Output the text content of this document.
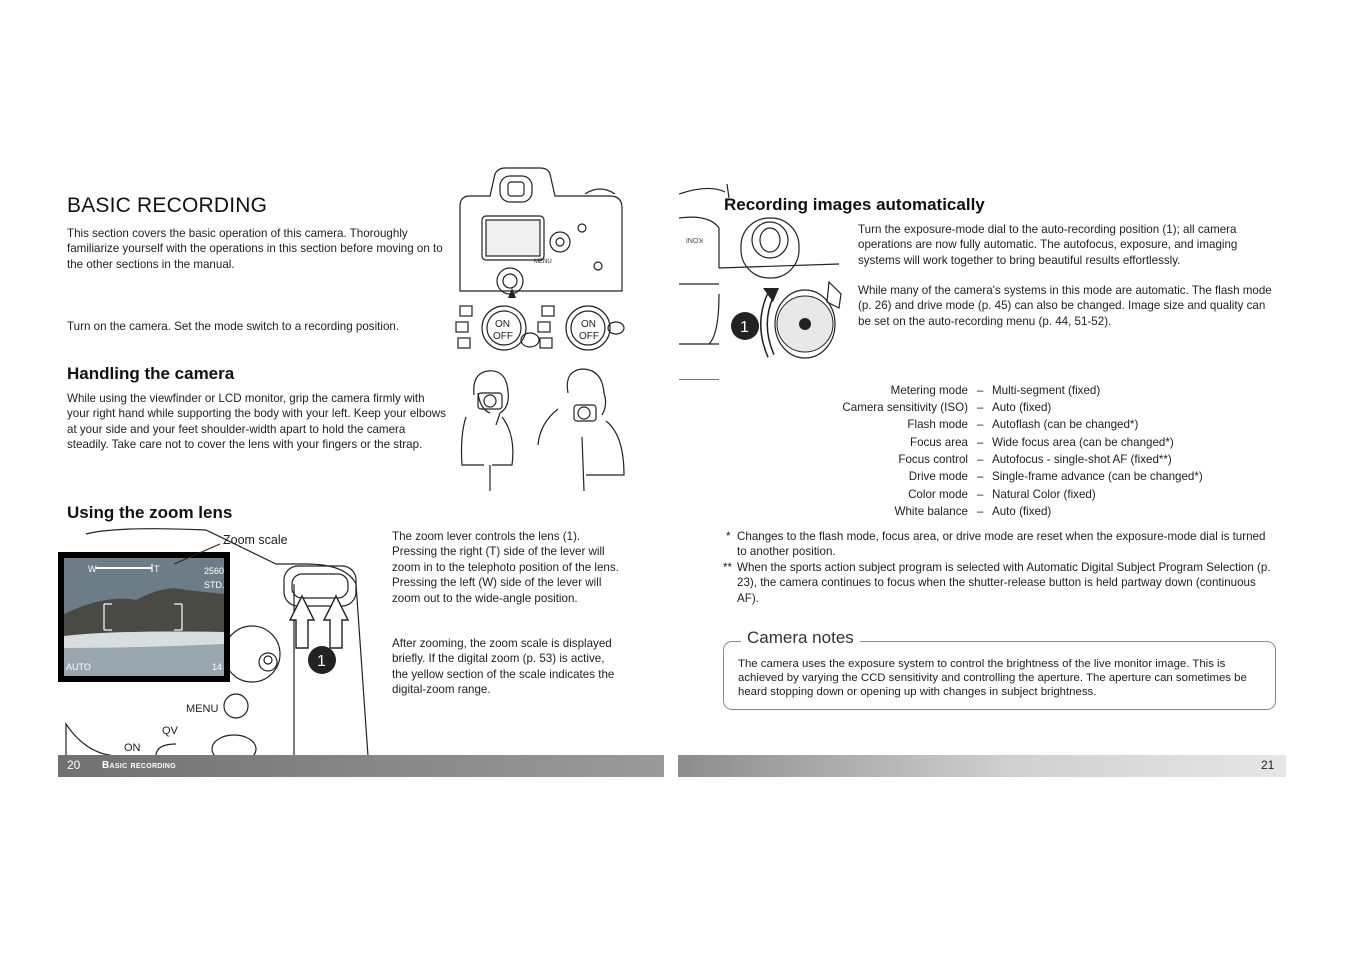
BASIC RECORDING
This section covers the basic operation of this camera. Thoroughly familiarize yourself with the operations in this section before moving on to the other sections in the manual.
Turn on the camera. Set the mode switch to a recording position.
MENU
ON
OFF
ON
OFF
Handling the camera
While using the viewfinder or LCD monitor, grip the camera firmly with your right hand while supporting the body with your left. Keep your elbows at your side and your feet shoulder-width apart to hold the camera steadily. Take care not to cover the lens with your fingers or the strap.
Using the zoom lens
W	T	2560
STD.
14
AUTO	1
MENU
QV
ON
Zoom scale	The zoom lever controls the lens (1). Pressing the right (T) side of the lever will zoom in to the telephoto position of the lens. Pressing the left (W) side of the lever will zoom out to the wide-angle position.
After zooming, the zoom scale is displayed briefly. If the digital zoom (p. 53) is active, the yellow section of the scale indicates the digital-zoom range.
20 Basic recording
1
KONI
Recording images automatically
Turn the exposure-mode dial to the auto-recording position (1); all camera operations are now fully automatic. The autofocus, exposure, and imaging systems will work together to bring beautiful results effortlessly.
While many of the camera's systems in this mode are automatic. The flash mode (p. 26) and drive mode (p. 45) can also be changed. Image size and quality can be set on the auto-recording menu (p. 44, 51-52).
Metering mode – Multi-segment (fixed)
Camera sensitivity (ISO) – Auto (fixed)
Flash mode – Autoflash (can be changed*)
Focus area – Wide focus area (can be changed*)
Focus control – Autofocus - single-shot AF (fixed**)
Drive mode – Single-frame advance (can be changed*)
Color mode – Natural Color (fixed)
White balance – Auto (fixed)
* Changes to the flash mode, focus area, or drive mode are reset when the exposure-mode dial is turned to another position.
** When the sports action subject program is selected with Automatic Digital Subject Program Selection (p. 23), the camera continues to focus when the shutter-release button is held partway down (continuous AF).
Camera notes
The camera uses the exposure system to control the brightness of the live monitor image. This is achieved by varying the CCD sensitivity and controlling the aperture. The aperture can sometimes be heard stopping down or opening up with changes in subject brightness.
21
